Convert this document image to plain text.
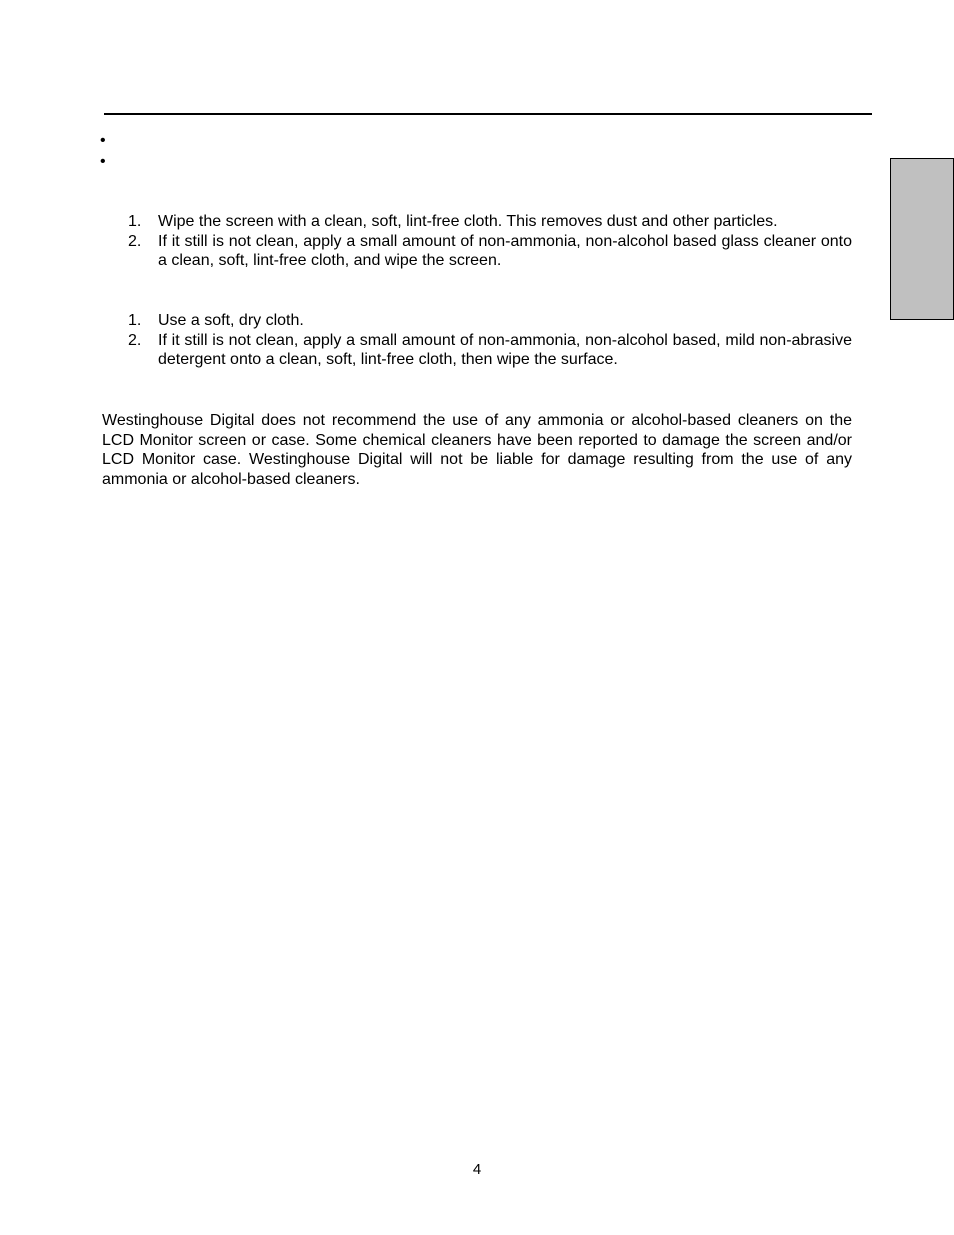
•
•
1.	Wipe the screen with a clean, soft, lint-free cloth. This removes dust and other particles.
2.	If it still is not clean, apply a small amount of non-ammonia, non-alcohol based glass cleaner onto a clean, soft, lint-free cloth, and wipe the screen.
1.	Use a soft, dry cloth.
2.	If it still is not clean, apply a small amount of non-ammonia, non-alcohol based, mild non-abrasive detergent onto a clean, soft, lint-free cloth, then wipe the surface.

Westinghouse Digital does not recommend the use of any ammonia or alcohol-based cleaners on the LCD Monitor screen or case. Some chemical cleaners have been reported to damage the screen and/or LCD Monitor case. Westinghouse Digital will not be liable for damage resulting from the use of any ammonia or alcohol-based cleaners.

4
